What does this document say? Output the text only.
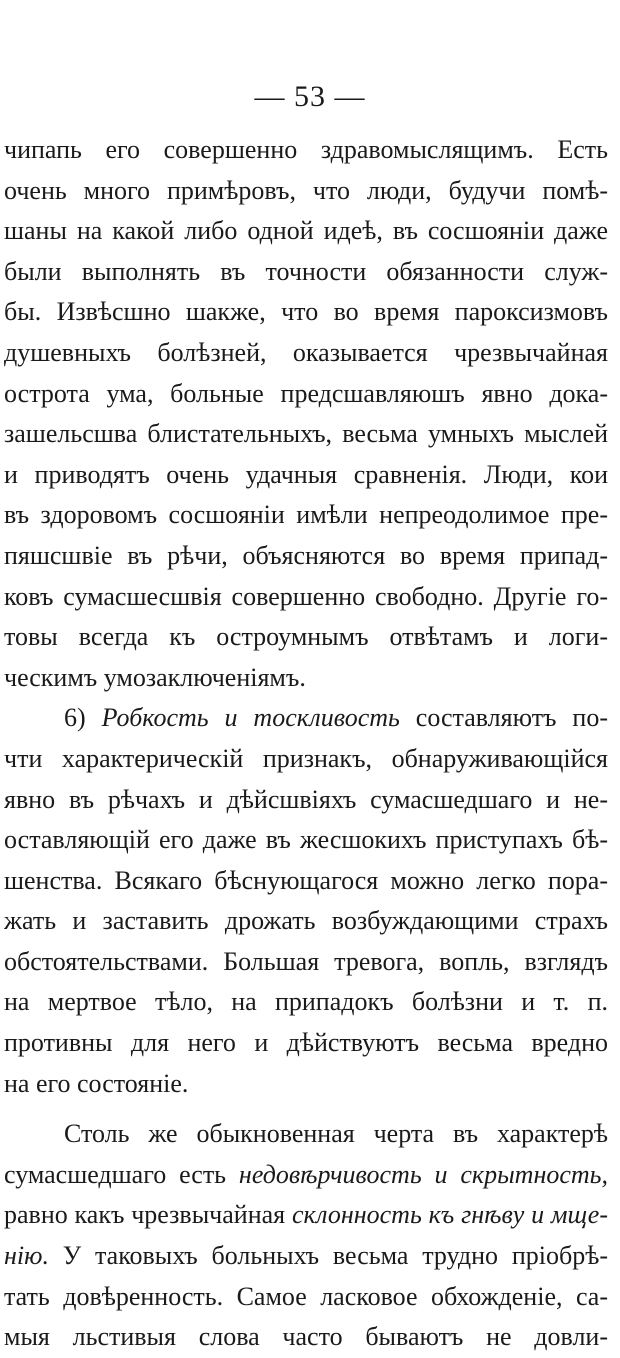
— 53 —
чипапь его совершенно здравомыслящимъ. Есть
очень много примѣровъ, что люди, будучи помѣ-
шаны на какой либо одной идеѣ, въ сосшояніи даже
были выполнять въ точности обязанности служ-
бы. Извѣсшно шакже, что во время пароксизмовъ
душевныхъ болѣзней, оказывается чрезвычайная
острота ума, больные предсшавляюшъ явно дока-
зашельсшва блистательныхъ, весьма умныхъ мыслей
и приводятъ очень удачныя сравненія. Люди, кои
въ здоровомъ сосшояніи имѣли непреодолимое пре-
пяшсшвіе въ рѣчи, объясняются во время припад-
ковъ сумасшесшвія совершенно свободно. Другіе го-
товы всегда къ остроумнымъ отвѣтамъ и логи-
ческимъ умозаключеніямъ.
6) Робкость и тоскливость составляютъ по-
чти характерическій признакъ, обнаруживающійся
явно въ рѣчахъ и дѣйсшвіяхъ сумасшедшаго и не-
оставляющій его даже въ жесшокихъ приступахъ бѣ-
шенства. Всякаго бѣснующагося можно легко пора-
жать и заставить дрожать возбуждающими страхъ
обстоятельствами. Большая тревога, вопль, взглядъ
на мертвое тѣло, на припадокъ болѣзни и т. п.
противны для него и дѣйствуютъ весьма вредно
на его состояніе.
Столь же обыкновенная черта въ характерѣ
сумасшедшаго есть недовѣрчивость и скрытность,
равно какъ чрезвычайная склонность къ гнѣву и мще-
нію. У таковыхъ больныхъ весьма трудно пріобрѣ-
тать довѣренность. Самое ласковое обхожденіе, са-
мыя льстивыя слова часто бываютъ не довли-
